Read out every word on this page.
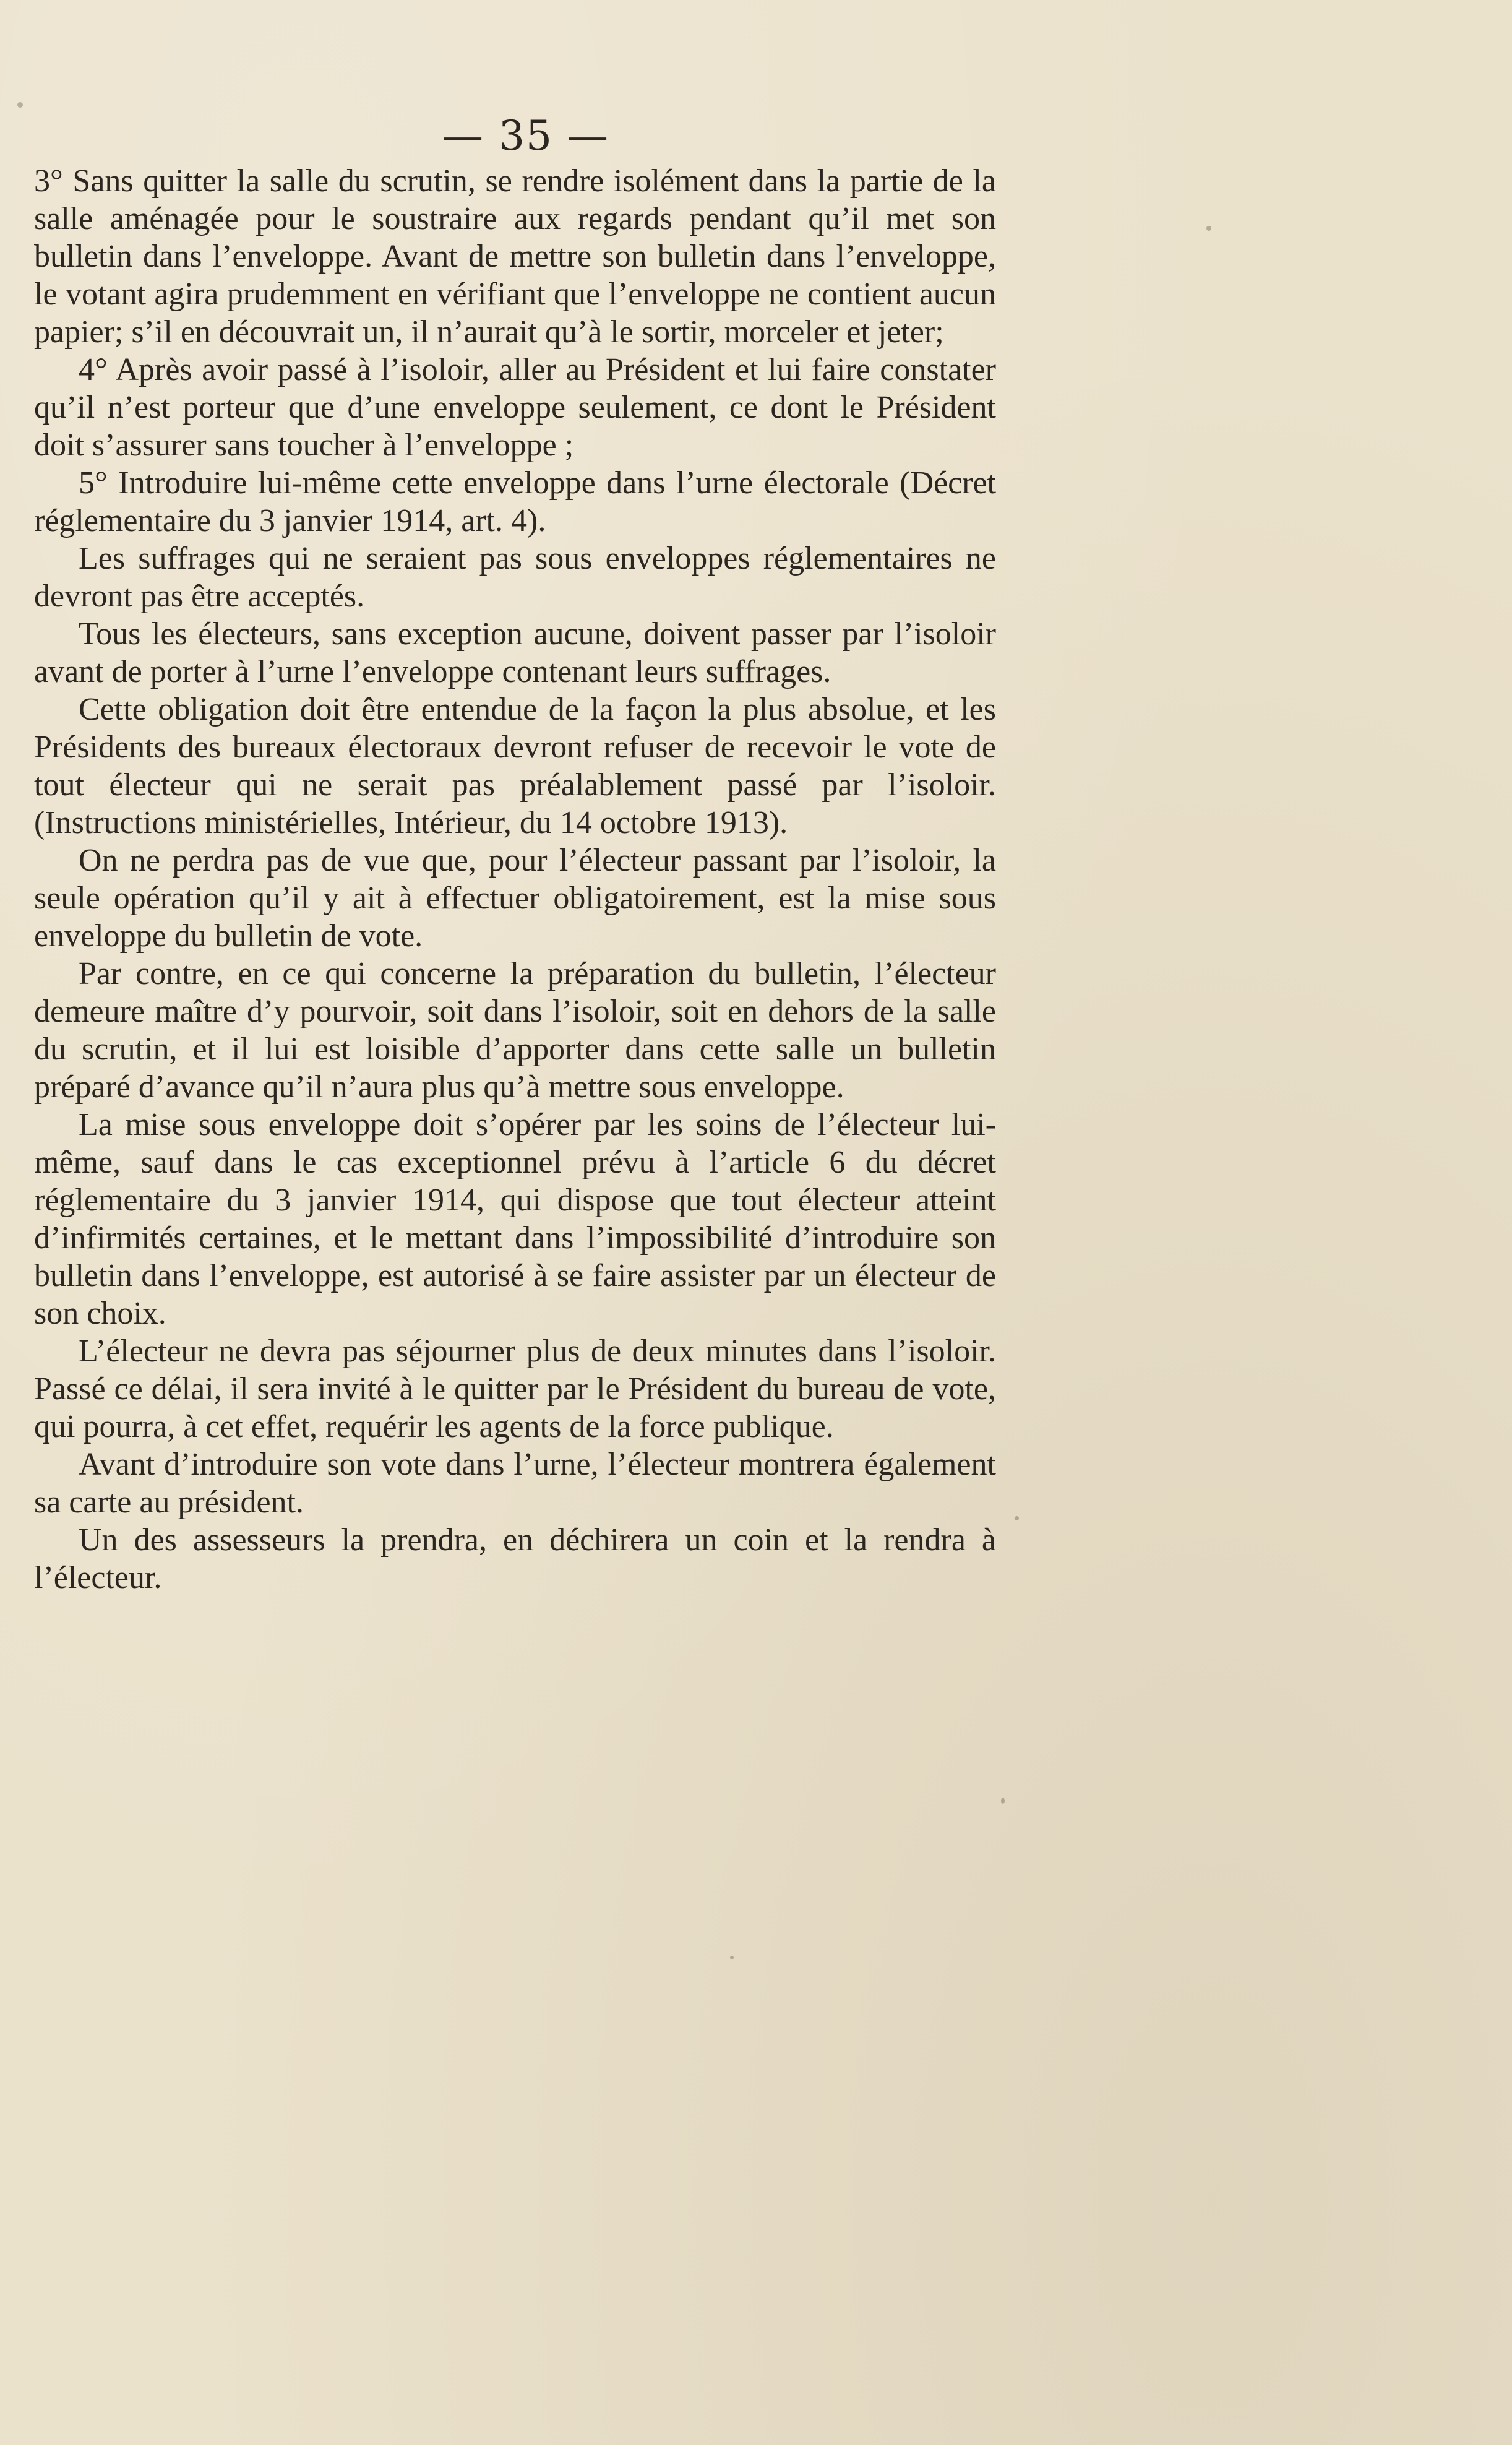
— 35 —

3° Sans quitter la salle du scrutin, se rendre isolément dans la partie de la salle aménagée pour le soustraire aux regards pendant qu’il met son bulletin dans l’enveloppe. Avant de mettre son bulletin dans l’enveloppe, le votant agira prudemment en vérifiant que l’enveloppe ne contient aucun papier; s’il en découvrait un, il n’aurait qu’à le sortir, morceler et jeter;

4° Après avoir passé à l’isoloir, aller au Président et lui faire constater qu’il n’est porteur que d’une enveloppe seulement, ce dont le Président doit s’assurer sans toucher à l’enveloppe ;

5° Introduire lui-même cette enveloppe dans l’urne électorale (Décret réglementaire du 3 janvier 1914, art. 4).

Les suffrages qui ne seraient pas sous enveloppes réglementaires ne devront pas être acceptés.

Tous les électeurs, sans exception aucune, doivent passer par l’isoloir avant de porter à l’urne l’enveloppe contenant leurs suffrages.

Cette obligation doit être entendue de la façon la plus absolue, et les Présidents des bureaux électoraux devront refuser de recevoir le vote de tout électeur qui ne serait pas préalablement passé par l’isoloir. (Instructions ministérielles, Intérieur, du 14 octobre 1913).

On ne perdra pas de vue que, pour l’électeur passant par l’isoloir, la seule opération qu’il y ait à effectuer obligatoirement, est la mise sous enveloppe du bulletin de vote.

Par contre, en ce qui concerne la préparation du bulletin, l’électeur demeure maître d’y pourvoir, soit dans l’isoloir, soit en dehors de la salle du scrutin, et il lui est loisible d’apporter dans cette salle un bulletin préparé d’avance qu’il n’aura plus qu’à mettre sous enveloppe.

La mise sous enveloppe doit s’opérer par les soins de l’électeur lui-même, sauf dans le cas exceptionnel prévu à l’article 6 du décret réglementaire du 3 janvier 1914, qui dispose que tout électeur atteint d’infirmités certaines, et le mettant dans l’impossibilité d’introduire son bulletin dans l’enveloppe, est autorisé à se faire assister par un électeur de son choix.

L’électeur ne devra pas séjourner plus de deux minutes dans l’isoloir. Passé ce délai, il sera invité à le quitter par le Président du bureau de vote, qui pourra, à cet effet, requérir les agents de la force publique.

Avant d’introduire son vote dans l’urne, l’électeur montrera également sa carte au président.

Un des assesseurs la prendra, en déchirera un coin et la rendra à l’électeur.
